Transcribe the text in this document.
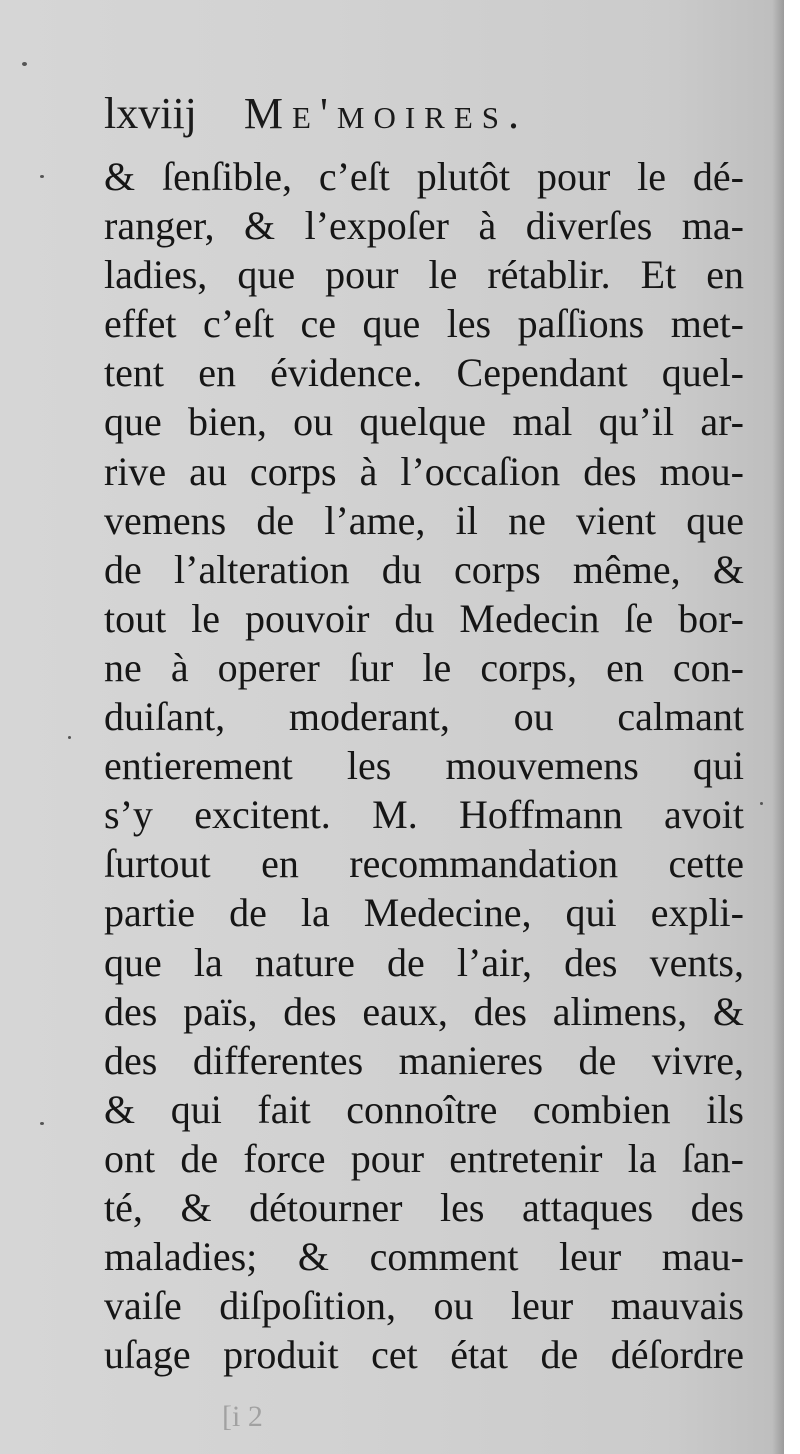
lxviij Me'moires.
& ſenſible, c’eſt plutôt pour le dé-
ranger, & l’expoſer à diverſes ma-
ladies, que pour le rétablir. Et en
effet c’eſt ce que les paſſions met-
tent en évidence. Cependant quel-
que bien, ou quelque mal qu’il ar-
rive au corps à l’occaſion des mou-
vemens de l’ame, il ne vient que
de l’alteration du corps même, &
tout le pouvoir du Medecin ſe bor-
ne à operer ſur le corps, en con-
duiſant, moderant, ou calmant
entierement les mouvemens qui
s’y excitent. M. Hoffmann avoit
ſurtout en recommandation cette
partie de la Medecine, qui expli-
que la nature de l’air, des vents,
des païs, des eaux, des alimens, &
des differentes manieres de vivre,
& qui fait connoître combien ils
ont de force pour entretenir la ſan-
té, & détourner les attaques des
maladies; & comment leur mau-
vaiſe diſpoſition, ou leur mauvais
uſage produit cet état de déſordre
[i 2
